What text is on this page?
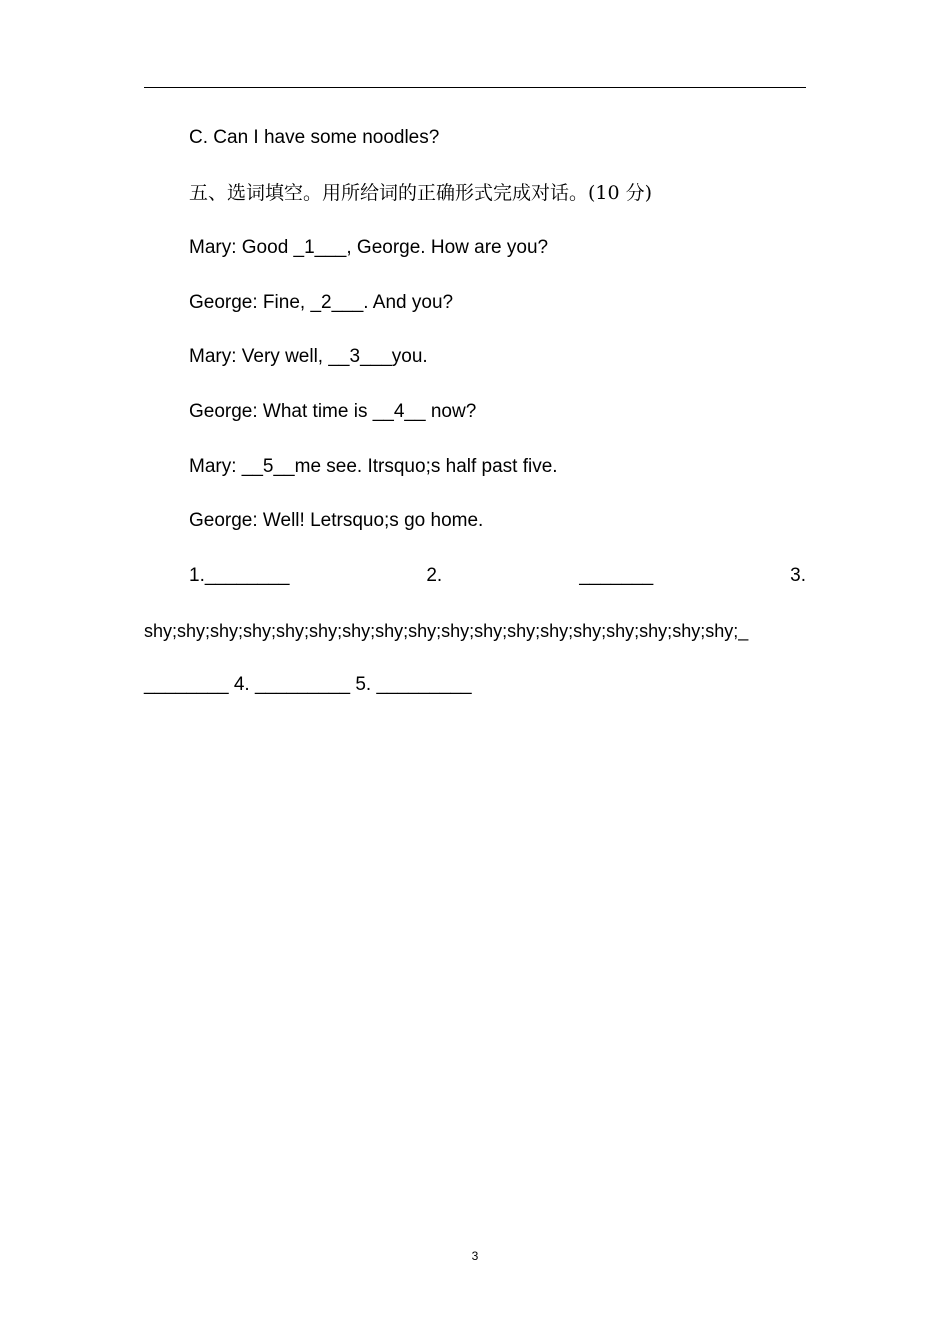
C. Can I have some noodles?
五、选词填空。用所给词的正确形式完成对话。(10 分)
Mary: Good _1___, George. How are you?
George: Fine, _2___. And you?
Mary: Very well, __3___you.
George: What time is __4__ now?
Mary: __5__me see. Itrsquo;s half past five.
George: Well! Letrsquo;s go home.
1.________	2.	_______	3.
shy;shy;shy;shy;shy;shy;shy;shy;shy;shy;shy;shy;shy;shy;shy;shy;shy;shy;_
________ 4. _________ 5. _________
3
